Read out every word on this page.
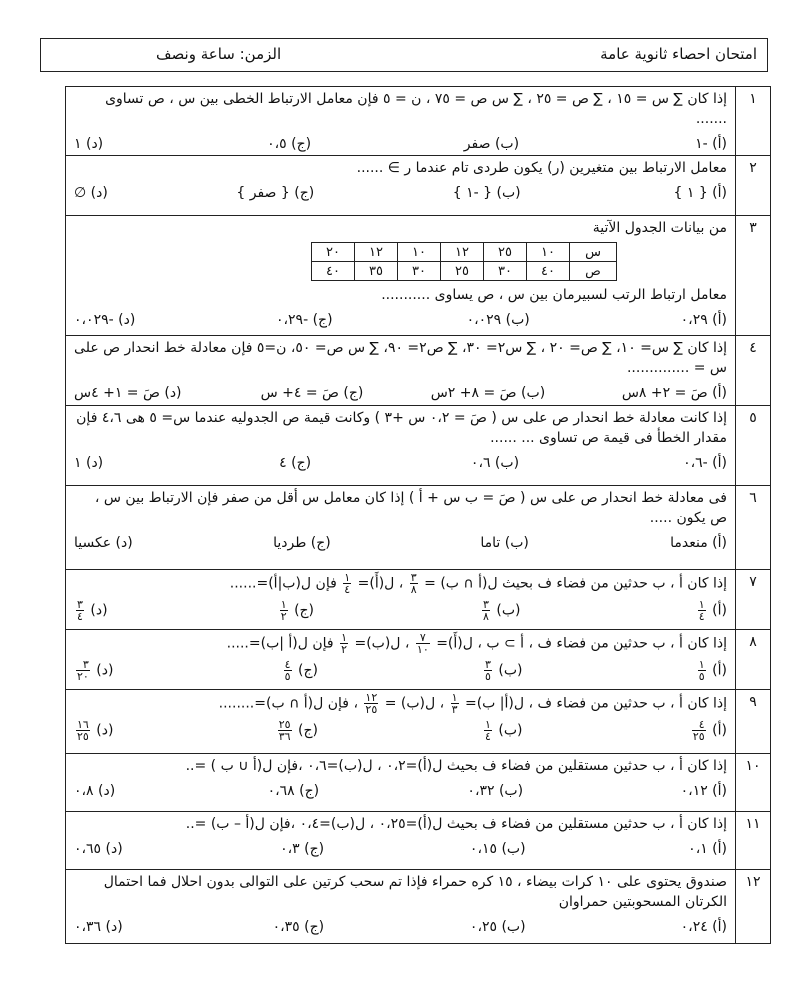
امتحان احصاء ثانوية عامة
الزمن: ساعة ونصف
١	
إذا كان ∑ س = ١٥ ، ∑ ص = ٢٥ ، ∑ س ص = ٧٥ ، ن = ٥ فإن معامل الارتباط الخطى بين س ، ص تساوى .......
(أ) -١
(ب) صفر
(ج) ٠،٥
(د) ١

٢	
معامل الارتباط بين متغيرين (ر) يكون طردى تام عندما ر ∋ ......
(أ) { ١ }
(ب) { -١ }
(ج) { صفر }
(د) ∅

٣	
من بيانات الجدول الآتية
س	١٠	٢٥	١٢	١٠	١٢	٢٠
ص	٤٠	٣٠	٢٥	٣٠	٣٥	٤٠
معامل ارتباط الرتب لسبيرمان بين س ، ص يساوى ...........
(أ) ٠،٢٩
(ب) ٠،٠٢٩
(ج) -٠،٢٩
(د) -٠،٠٢٩

٤	
إذا كان ∑ س= ١٠، ∑ ص= ٢٠ ، ∑ س٢= ٣٠، ∑ ص٢= ٩٠، ∑ س ص= ٥٠، ن=٥ فإن معادلة خط انحدار ص على س = ..............
(أ) صَ = ٢+ ٨س
(ب) صَ = ٨+ ٢س
(ج) صَ = ٤+ س
(د) صَ = ١+ ٤س

٥	
إذا كانت معادلة خط انحدار ص على س ( صَ = ٠،٢ س +٣ ) وكانت قيمة ص الجدوليه عندما س= ٥ هى ٤،٦ فإن مقدار الخطأ فى قيمة ص تساوى ... ......
(أ) -٠،٦
(ب) ٠،٦
(ج) ٤
(د) ١

٦	
فى معادلة خط انحدار ص على س ( صَ = ب س + أ ) إذا كان معامل س أقل من صفر فإن الارتباط بين س ، ص يكون .....
(أ) منعدما
(ب) تاما
(ج) طرديا
(د) عكسيا

٧	
إذا كان أ ، ب حدثين من فضاء ف بحيث ل(أ ∩ ب) =
$\frac{٣}{٨}$
، ل(أَ)=
$\frac{١}{٤}$
فإن ل(ب|أ)=......
(أ)
$\frac{١}{٤}$
(ب)
$\frac{٣}{٨}$
(ج)
$\frac{١}{٢}$
(د)
$\frac{٣}{٤}$

٨	
إذا كان أ ، ب حدثين من فضاء ف ، أ ⊃ ب ، ل(أَ)=
$\frac{٧}{١٠}$
، ل(ب)=
$\frac{١}{٢}$
فإن ل(أ |ب)=.....
(أ)
$\frac{١}{٥}$
(ب)
$\frac{٣}{٥}$
(ج)
$\frac{٤}{٥}$
(د)
$\frac{٣}{٢٠}$

٩	
إذا كان أ ، ب حدثين من فضاء ف ، ل(أ| ب)=
$\frac{١}{٣}$
، ل(ب) =
$\frac{١٢}{٢٥}$
، فإن ل(أ ∩ ب)=........
(أ)
$\frac{٤}{٢٥}$
(ب)
$\frac{١}{٤}$
(ج)
$\frac{٢٥}{٣٦}$
(د)
$\frac{١٦}{٢٥}$

١٠	
إذا كان أ ، ب حدثين مستقلين من فضاء ف بحيث ل(أ)=٠،٢ ، ل(ب)=٠،٦ ،فإن ل(أ ∪ ب ) =..
(أ) ٠،١٢
(ب) ٠،٣٢
(ج) ٠،٦٨
(د) ٠،٨

١١	
إذا كان أ ، ب حدثين مستقلين من فضاء ف بحيث ل(أ)=٠،٢٥ ، ل(ب)=٠،٤ ،فإن ل(أ – ب) =..
(أ) ٠،١
(ب) ٠،١٥
(ج) ٠،٣
(د) ٠،٦٥

١٢	
صندوق يحتوى على ١٠ كرات بيضاء ، ١٥ كره حمراء فإذا تم سحب كرتين على التوالى بدون احلال فما احتمال الكرتان المسحوبتين حمراوان
(أ) ٠،٢٤
(ب) ٠،٢٥
(ج) ٠،٣٥
(د) ٠،٣٦
